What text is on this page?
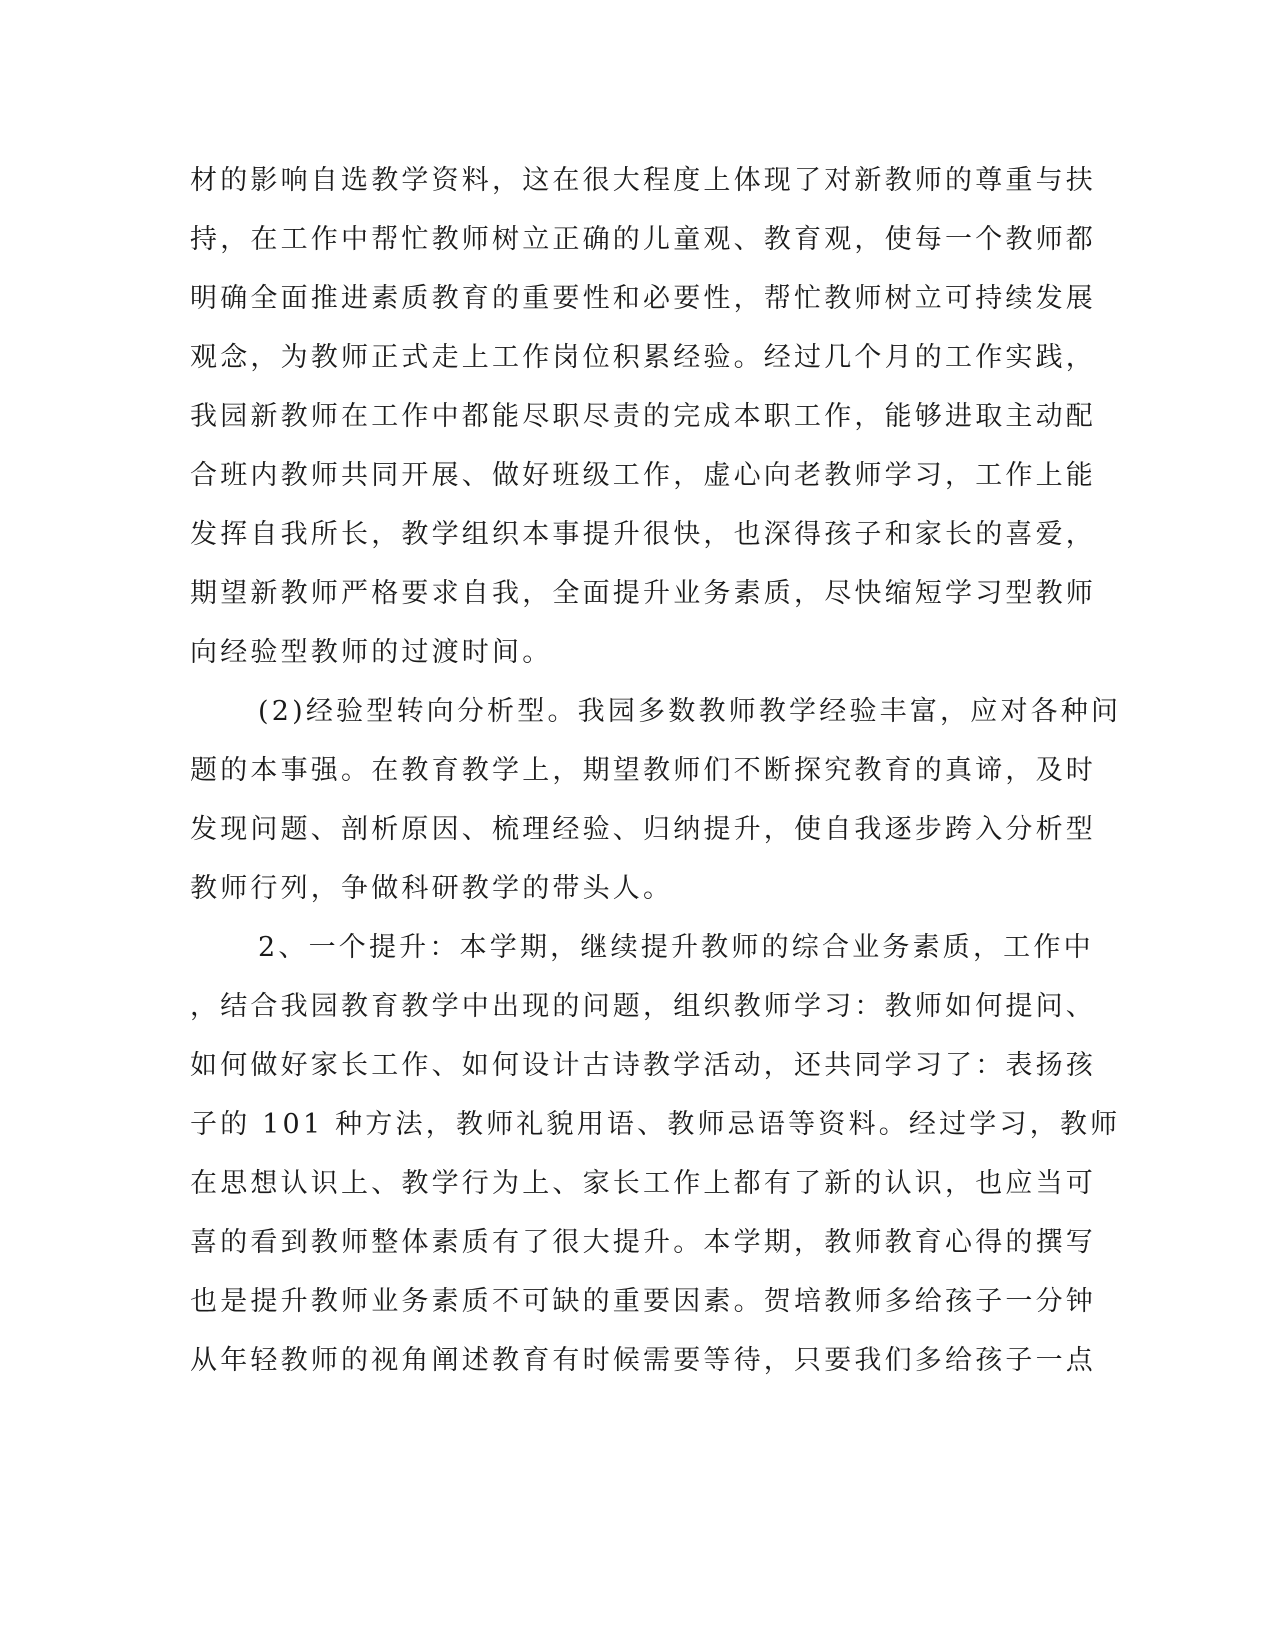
材的影响自选教学资料，这在很大程度上体现了对新教师的尊重与扶
持，在工作中帮忙教师树立正确的儿童观、教育观，使每一个教师都
明确全面推进素质教育的重要性和必要性，帮忙教师树立可持续发展
观念，为教师正式走上工作岗位积累经验。经过几个月的工作实践，
我园新教师在工作中都能尽职尽责的完成本职工作，能够进取主动配
合班内教师共同开展、做好班级工作，虚心向老教师学习，工作上能
发挥自我所长，教学组织本事提升很快，也深得孩子和家长的喜爱，
期望新教师严格要求自我，全面提升业务素质，尽快缩短学习型教师
向经验型教师的过渡时间。
(2)经验型转向分析型。我园多数教师教学经验丰富，应对各种问
题的本事强。在教育教学上，期望教师们不断探究教育的真谛，及时
发现问题、剖析原因、梳理经验、归纳提升，使自我逐步跨入分析型
教师行列，争做科研教学的带头人。
2、一个提升：本学期，继续提升教师的综合业务素质，工作中
，结合我园教育教学中出现的问题，组织教师学习：教师如何提问、
如何做好家长工作、如何设计古诗教学活动，还共同学习了：表扬孩
子的 101 种方法，教师礼貌用语、教师忌语等资料。经过学习，教师
在思想认识上、教学行为上、家长工作上都有了新的认识，也应当可
喜的看到教师整体素质有了很大提升。本学期，教师教育心得的撰写
也是提升教师业务素质不可缺的重要因素。贺培教师多给孩子一分钟
从年轻教师的视角阐述教育有时候需要等待，只要我们多给孩子一点
